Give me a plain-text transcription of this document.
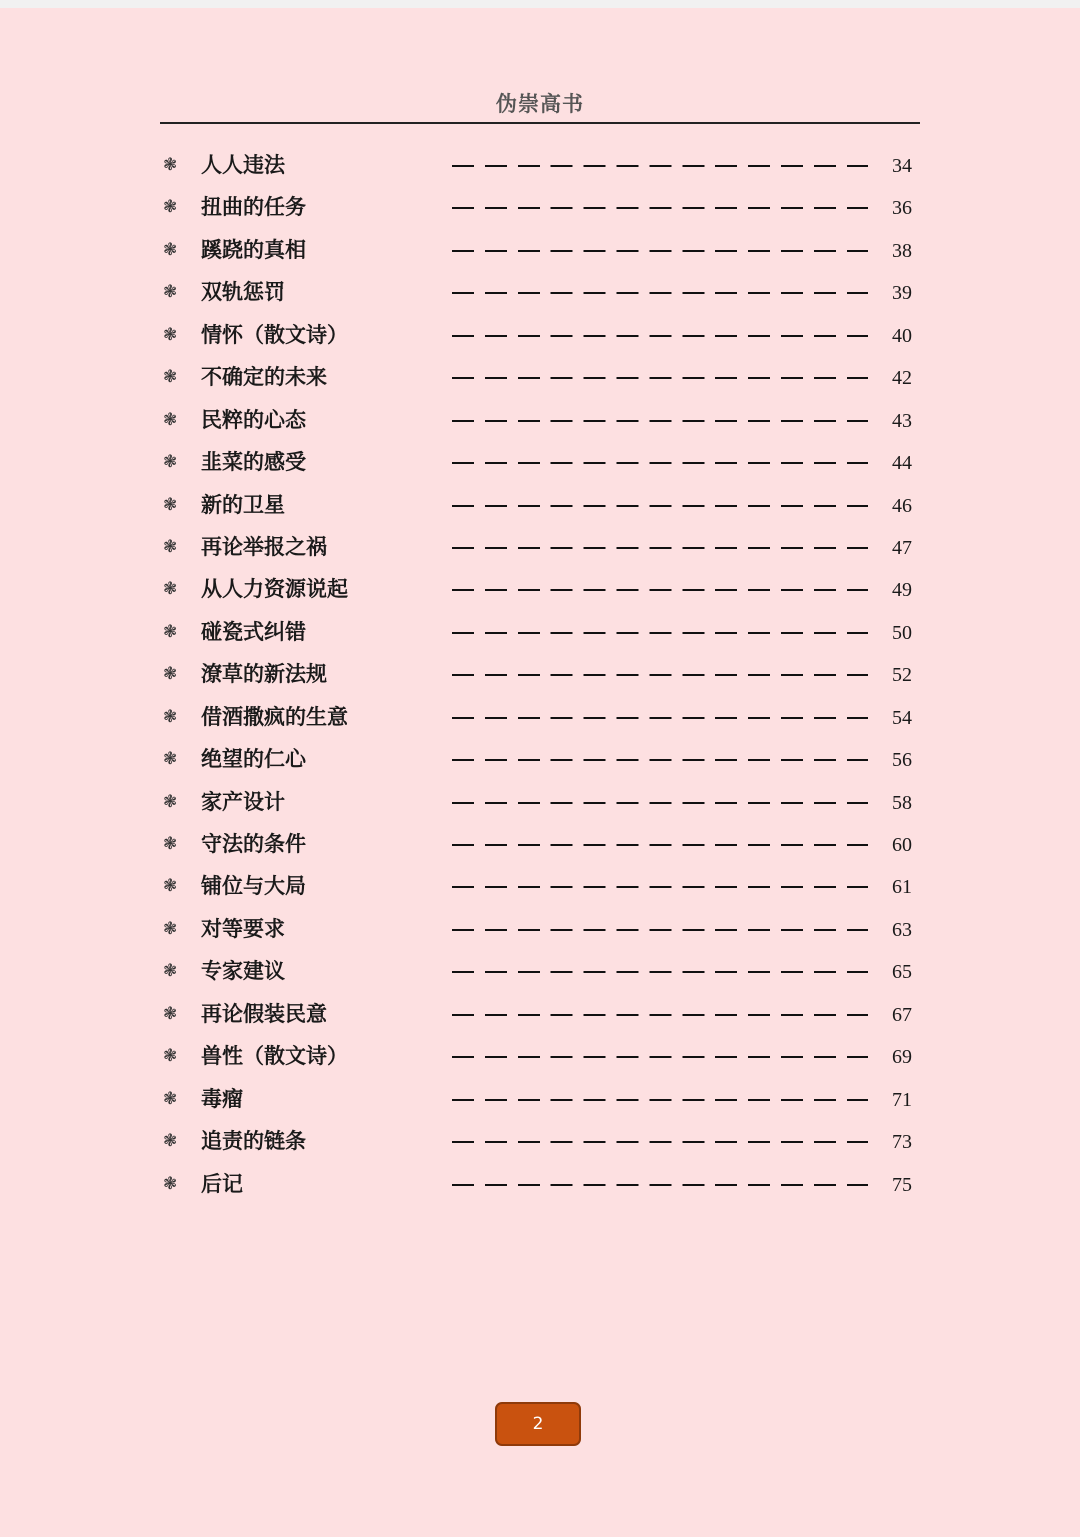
伪崇高书
❃ 人人违法	34
❃ 扭曲的任务	36
❃ 蹊跷的真相	38
❃ 双轨惩罚	39
❃ 情怀（散文诗）	40
❃ 不确定的未来	42
❃ 民粹的心态	43
❃ 韭菜的感受	44
❃ 新的卫星	46
❃ 再论举报之祸	47
❃ 从人力资源说起	49
❃ 碰瓷式纠错	50
❃ 潦草的新法规	52
❃ 借酒撒疯的生意	54
❃ 绝望的仁心	56
❃ 家产设计	58
❃ 守法的条件	60
❃ 铺位与大局	61
❃ 对等要求	63
❃ 专家建议	65
❃ 再论假装民意	67
❃ 兽性（散文诗）	69
❃ 毒瘤	71
❃ 追责的链条	73
❃ 后记	75
2
